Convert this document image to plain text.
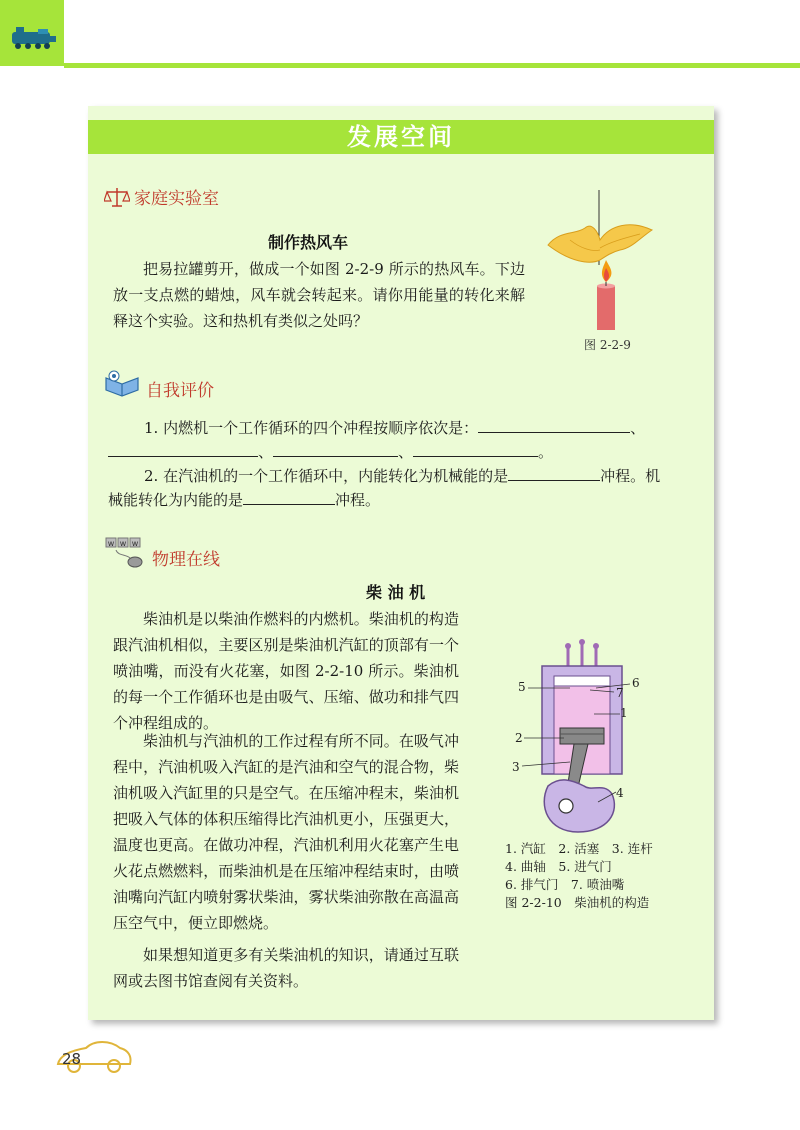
发展空间
家庭实验室
制作热风车

把易拉罐剪开，做成一个如图 2-2-9 所示的热风车。下边放一支点燃的蜡烛，风车就会转起来。请你用能量的转化来解释这个实验。这和热机有类似之处吗？

图 2-2-9
自我评价
1. 内燃机一个工作循环的四个冲程按顺序依次是：	、
、	、	。
2. 在汽油机的一个工作循环中，内能转化为机械能的是	冲程。机
械能转化为内能的是	冲程。
w w w
物理在线
柴 油 机

柴油机是以柴油作燃料的内燃机。柴油机的构造跟汽油机相似，主要区别是柴油机汽缸的顶部有一个喷油嘴，而没有火花塞，如图 2-2-10 所示。柴油机的每一个工作循环也是由吸气、压缩、做功和排气四个冲程组成的。

柴油机与汽油机的工作过程有所不同。在吸气冲程中，汽油机吸入汽缸的是汽油和空气的混合物，柴油机吸入汽缸里的只是空气。在压缩冲程末，柴油机把吸入气体的体积压缩得比汽油机更小，压强更大，温度也更高。在做功冲程，汽油机利用火花塞产生电火花点燃燃料，而柴油机是在压缩冲程结束时，由喷油嘴向汽缸内喷射雾状柴油，雾状柴油弥散在高温高压空气中，便立即燃烧。

如果想知道更多有关柴油机的知识，请通过互联网或去图书馆查阅有关资料。

5	6
7
1
2
3
4
1. 汽缸　2. 活塞　3. 连杆
4. 曲轴　5. 进气门
6. 排气门　7. 喷油嘴
图 2-2-10　柴油机的构造
28
